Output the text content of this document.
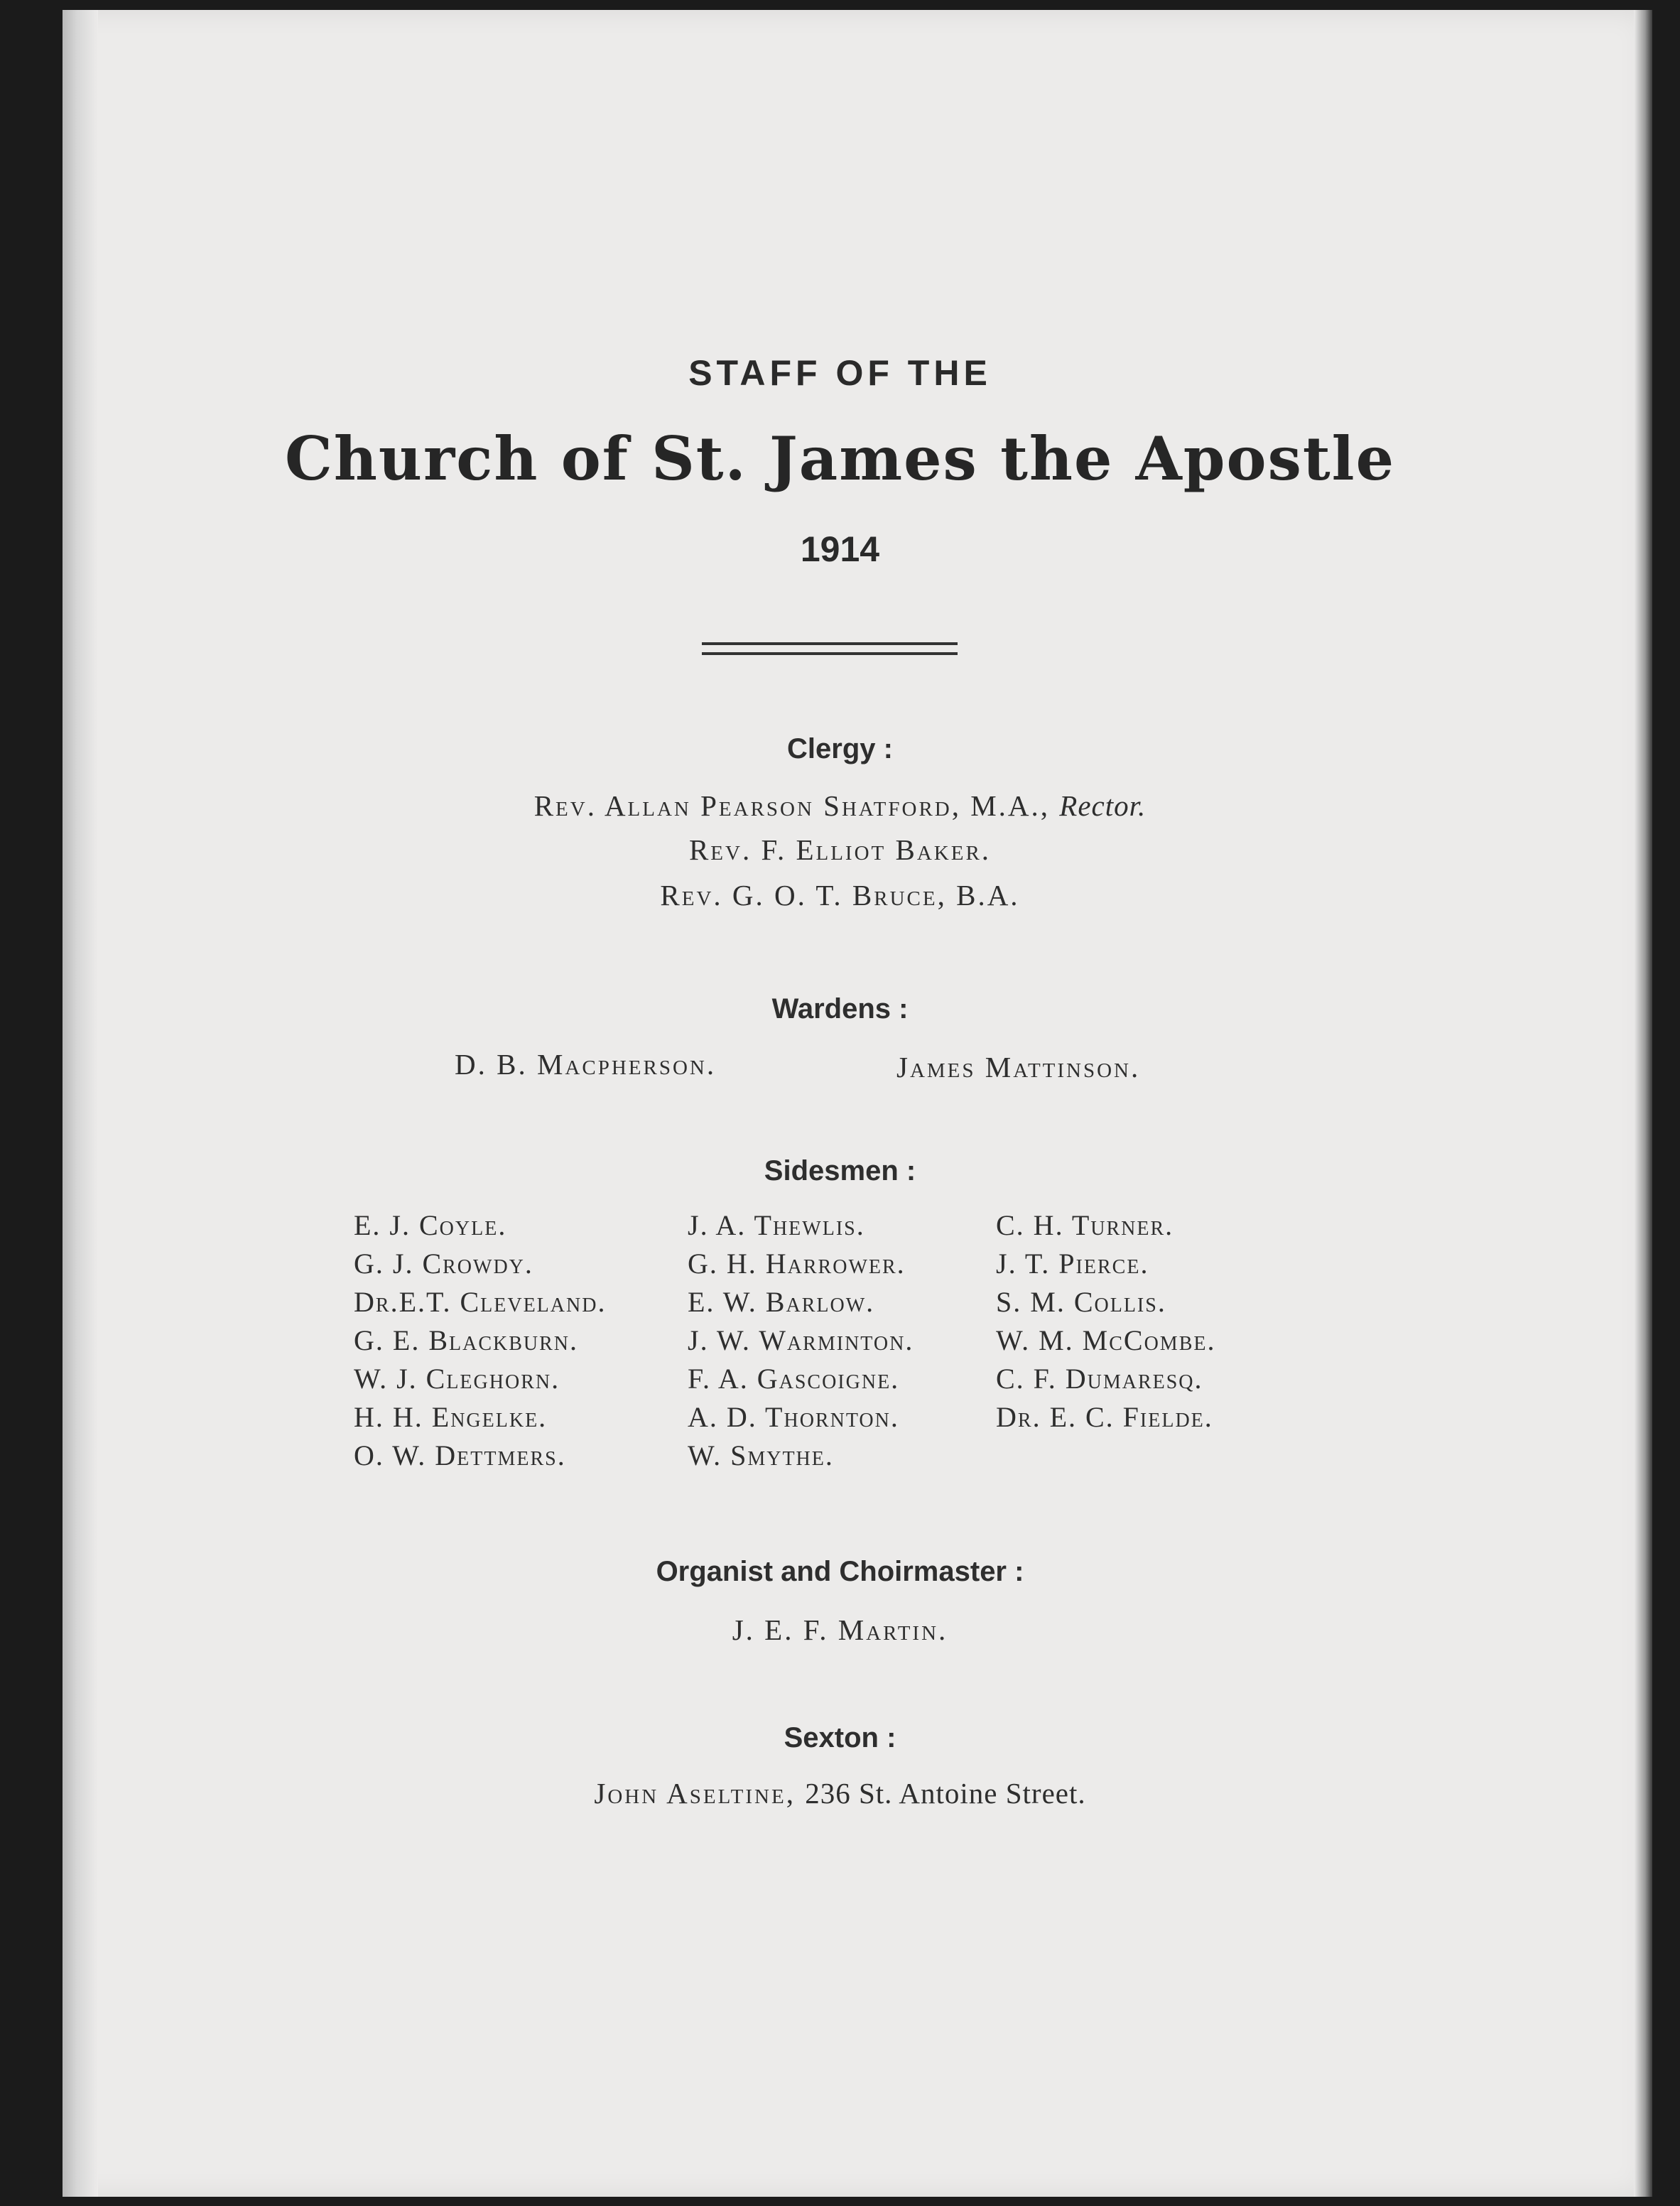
STAFF OF THE
Church of St. James the Apostle
1914
Clergy :
Rev. Allan Pearson Shatford, M.A., Rector.
Rev. F. Elliot Baker.
Rev. G. O. T. Bruce, B.A.
Wardens :
D. B. Macpherson.	James Mattinson.
Sidesmen :
E. J. Coyle.
G. J. Crowdy.
Dr.E.T. Cleveland.
G. E. Blackburn.
W. J. Cleghorn.
H. H. Engelke.
O. W. Dettmers.
J. A. Thewlis.
G. H. Harrower.
E. W. Barlow.
J. W. Warminton.
F. A. Gascoigne.
A. D. Thornton.
W. Smythe.
C. H. Turner.
J. T. Pierce.
S. M. Collis.
W. M. McCombe.
C. F. Dumaresq.
Dr. E. C. Fielde.
Organist and Choirmaster :
J. E. F. Martin.
Sexton :
John Aseltine, 236 St. Antoine Street.
